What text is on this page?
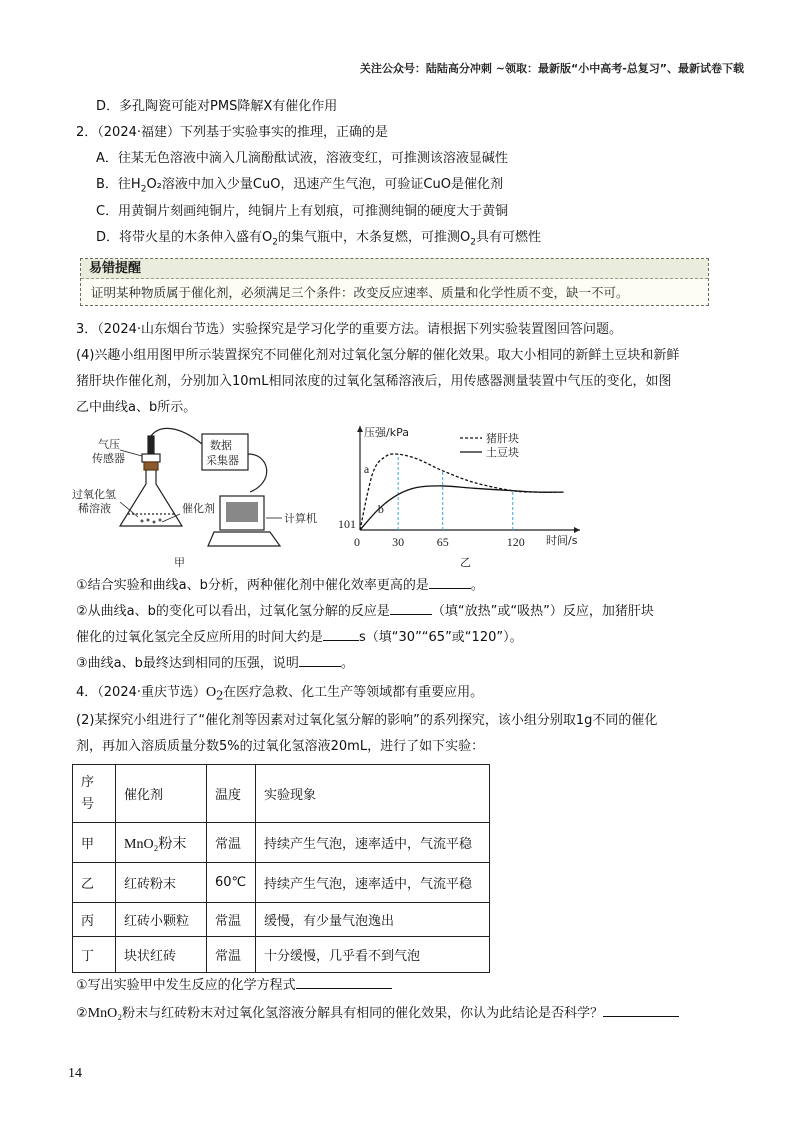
关注公众号：陆陆高分冲刺 ~领取：最新版“小中高考-总复习”、最新试卷下载
D．多孔陶瓷可能对PMS降解X有催化作用
2．（2024·福建）下列基于实验事实的推理，正确的是
A．往某无色溶液中滴入几滴酚酞试液，溶液变红，可推测该溶液显碱性
B．往$H_2O_2$溶液中加入少量CuO，迅速产生气泡，可验证CuO是催化剂
C．用黄铜片刻画纯铜片，纯铜片上有划痕，可推测纯铜的硬度大于黄铜
D．将带火星的木条伸入盛有$O_2$的集气瓶中，木条复燃，可推测$O_2$具有可燃性
易错提醒
证明某种物质属于催化剂，必须满足三个条件：改变反应速率、质量和化学性质不变，缺一不可。
3．（2024·山东烟台节选）实验探究是学习化学的重要方法。请根据下列实验装置图回答问题。
(4)兴趣小组用图甲所示装置探究不同催化剂对过氧化氢分解的催化效果。取大小相同的新鲜土豆块和新鲜
猪肝块作催化剂，分别加入10mL相同浓度的过氧化氢稀溶液后，用传感器测量装置中气压的变化，如图
乙中曲线a、b所示。
气压
传感器
数据
采集器
过氧化氢
稀溶液	催化剂
计算机
甲
0	30	65	120
压强/kPa
时间/s
101
乙
猪肝块
土豆块
a
b
①结合实验和曲线a、b分析，两种催化剂中催化效率更高的是	。
②从曲线a、b的变化可以看出，过氧化氢分解的反应是	（填“放热”或“吸热”）反应，加猪肝块
催化的过氧化氢完全反应所用的时间大约是	s（填“30”“65”或“120”）。
③曲线a、b最终达到相同的压强，说明	。
4．（2024·重庆节选）$O_2$在医疗急救、化工生产等领域都有重要应用。
(2)某探究小组进行了“催化剂等因素对过氧化氢分解的影响”的系列探究，该小组分别取1g不同的催化
剂，再加入溶质质量分数5%的过氧化氢溶液20mL，进行了如下实验：
序号	催化剂	温度	实验现象
甲	MnO₂粉末	常温	持续产生气泡，速率适中，气流平稳
乙	红砖粉末	60℃	持续产生气泡，速率适中，气流平稳
丙	红砖小颗粒	常温	缓慢，有少量气泡逸出
丁	块状红砖	常温	十分缓慢，几乎看不到气泡
①写出实验甲中发生反应的化学方程式
②MnO₂粉末与红砖粉末对过氧化氢溶液分解具有相同的催化效果，你认为此结论是否科学？
14
